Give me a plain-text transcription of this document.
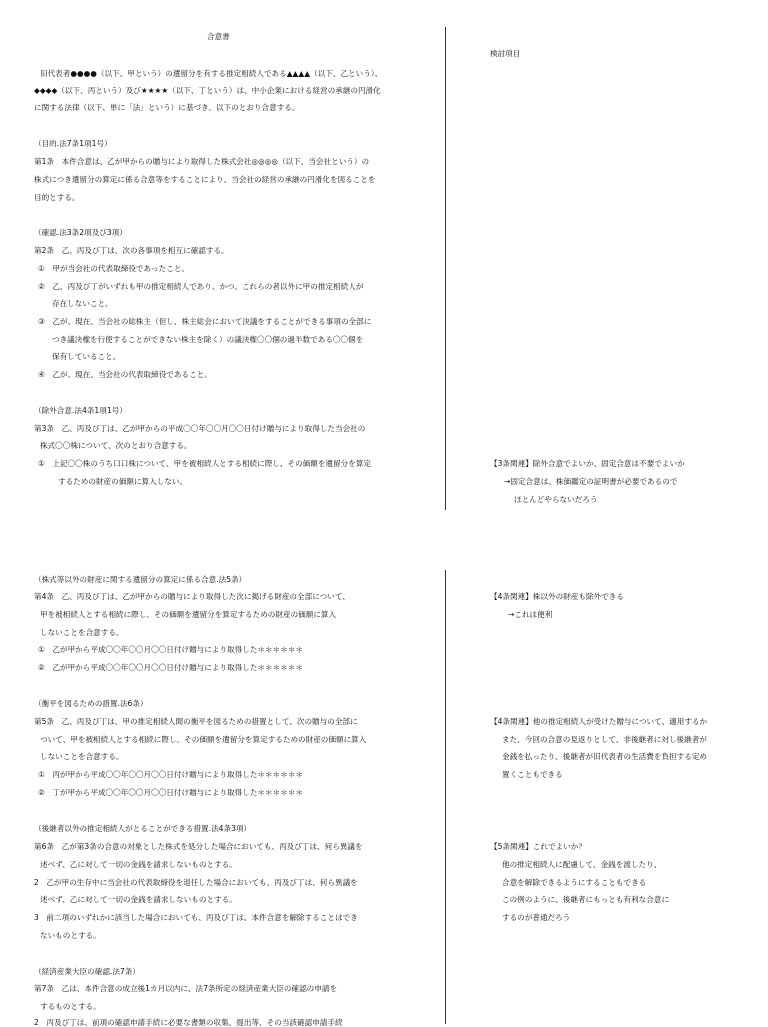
合意書
検討項目
旧代表者●●●●（以下、甲という）の遺留分を有する推定相続人である▲▲▲▲（以下、乙という）、
◆◆◆◆（以下、丙という）及び★★★★（以下、丁という）は、中小企業における経営の承継の円滑化
に関する法律（以下、単に「法」という）に基づき、以下のとおり合意する。
（目的.法7条1項1号）
第1条　本件合意は、乙が甲からの贈与により取得した株式会社◎◎◎◎（以下、当会社という）の
株式につき遺留分の算定に係る合意等をすることにより、当会社の経営の承継の円滑化を図ることを
目的とする。
（確認.法3条2項及び3項）
第2条　乙、丙及び丁は、次の各事項を相互に確認する。
①　甲が当会社の代表取締役であったこと。
②　乙、丙及び丁がいずれも甲の推定相続人であり、かつ、これらの者以外に甲の推定相続人が
存在しないこと。
③　乙が、現在、当会社の総株主（但し、株主総会において決議をすることができる事項の全部に
つき議決権を行使することができない株主を除く）の議決権〇〇個の過半数である〇〇個を
保有していること。
④　乙が、現在、当会社の代表取締役であること。
（除外合意.法4条1項1号）
第3条　乙、丙及び丁は、乙が甲からの平成〇〇年〇〇月〇〇日付け贈与により取得した当会社の
株式〇〇株について、次のとおり合意する。
①　上記〇〇株のうち口口株について、甲を被相続人とする相続に際し、その価額を遺留分を算定
するための財産の価額に算入しない。
【3条関連】除外合意でよいか、固定合意は不要でよいか
→固定合意は、株価鑑定の証明書が必要であるので
ほとんどやらないだろう
（株式等以外の財産に関する遺留分の算定に係る合意.法5条）
第4条　乙、丙及び丁は、乙が甲からの贈与により取得した次に掲げる財産の全部について、
甲を被相続人とする相続に際し、その価額を遺留分を算定するための財産の価額に算入
しないことを合意する。
①　乙が甲から平成〇〇年〇〇月〇〇日付け贈与により取得した＊＊＊＊＊＊
②　乙が甲から平成〇〇年〇〇月〇〇日付け贈与により取得した＊＊＊＊＊＊
【4条関連】株以外の財産も除外できる
→これは便利
（衡平を図るための措置.法6条）
第5条　乙、丙及び丁は、甲の推定相続人間の衡平を図るための措置として、次の贈与の全部に
ついて、甲を被相続人とする相続に際し、その価額を遺留分を算定するための財産の価額に算入
しないことを合意する。
①　丙が甲から平成〇〇年〇〇月〇〇日付け贈与により取得した＊＊＊＊＊＊
②　丁が甲から平成〇〇年〇〇月〇〇日付け贈与により取得した＊＊＊＊＊＊
【4条関連】他の推定相続人が受けた贈与について、適用するか
また、今回の合意の見返りとして、非後継者に対し後継者が
金銭を払ったり、後継者が旧代表者の生活費を負担する定め
置くこともできる
（後継者以外の推定相続人がとることができる措置.法4条3項）
第6条　乙が第3条の合意の対象とした株式を処分した場合においても、丙及び丁は、何ら異議を
述べず、乙に対して一切の金銭を請求しないものとする。
2　乙が甲の生存中に当会社の代表取締役を退任した場合においても、丙及び丁は、何ら異議を
述べず、乙に対して一切の金銭を請求しないものとする。
3　前二項のいずれかに該当した場合においても、丙及び丁は、本件合意を解除することはでき
ないものとする。
【5条関連】これでよいか？
他の推定相続人に配慮して、金銭を渡したり、
合意を解除できるようにすることもできる
この例のように、後継者にもっとも有利な合意に
するのが普通だろう
（経済産業大臣の確認.法7条）
第7条　乙は、本件合意の成立後1カ月以内に、法7条所定の経済産業大臣の確認の申請を
するものとする。
2　丙及び丁は、前項の確認申請手続に必要な書類の収集、提出等、その当該確認申請手続
